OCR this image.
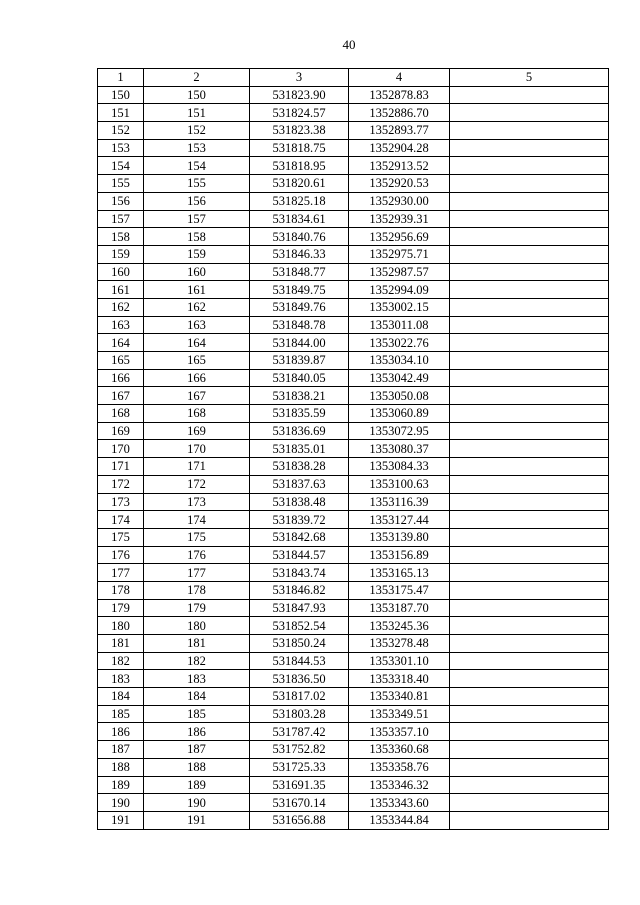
40
1	2	3	4	5
150	150	531823.90	1352878.83	
151	151	531824.57	1352886.70	
152	152	531823.38	1352893.77	
153	153	531818.75	1352904.28	
154	154	531818.95	1352913.52	
155	155	531820.61	1352920.53	
156	156	531825.18	1352930.00	
157	157	531834.61	1352939.31	
158	158	531840.76	1352956.69	
159	159	531846.33	1352975.71	
160	160	531848.77	1352987.57	
161	161	531849.75	1352994.09	
162	162	531849.76	1353002.15	
163	163	531848.78	1353011.08	
164	164	531844.00	1353022.76	
165	165	531839.87	1353034.10	
166	166	531840.05	1353042.49	
167	167	531838.21	1353050.08	
168	168	531835.59	1353060.89	
169	169	531836.69	1353072.95	
170	170	531835.01	1353080.37	
171	171	531838.28	1353084.33	
172	172	531837.63	1353100.63	
173	173	531838.48	1353116.39	
174	174	531839.72	1353127.44	
175	175	531842.68	1353139.80	
176	176	531844.57	1353156.89	
177	177	531843.74	1353165.13	
178	178	531846.82	1353175.47	
179	179	531847.93	1353187.70	
180	180	531852.54	1353245.36	
181	181	531850.24	1353278.48	
182	182	531844.53	1353301.10	
183	183	531836.50	1353318.40	
184	184	531817.02	1353340.81	
185	185	531803.28	1353349.51	
186	186	531787.42	1353357.10	
187	187	531752.82	1353360.68	
188	188	531725.33	1353358.76	
189	189	531691.35	1353346.32	
190	190	531670.14	1353343.60	
191	191	531656.88	1353344.84	
